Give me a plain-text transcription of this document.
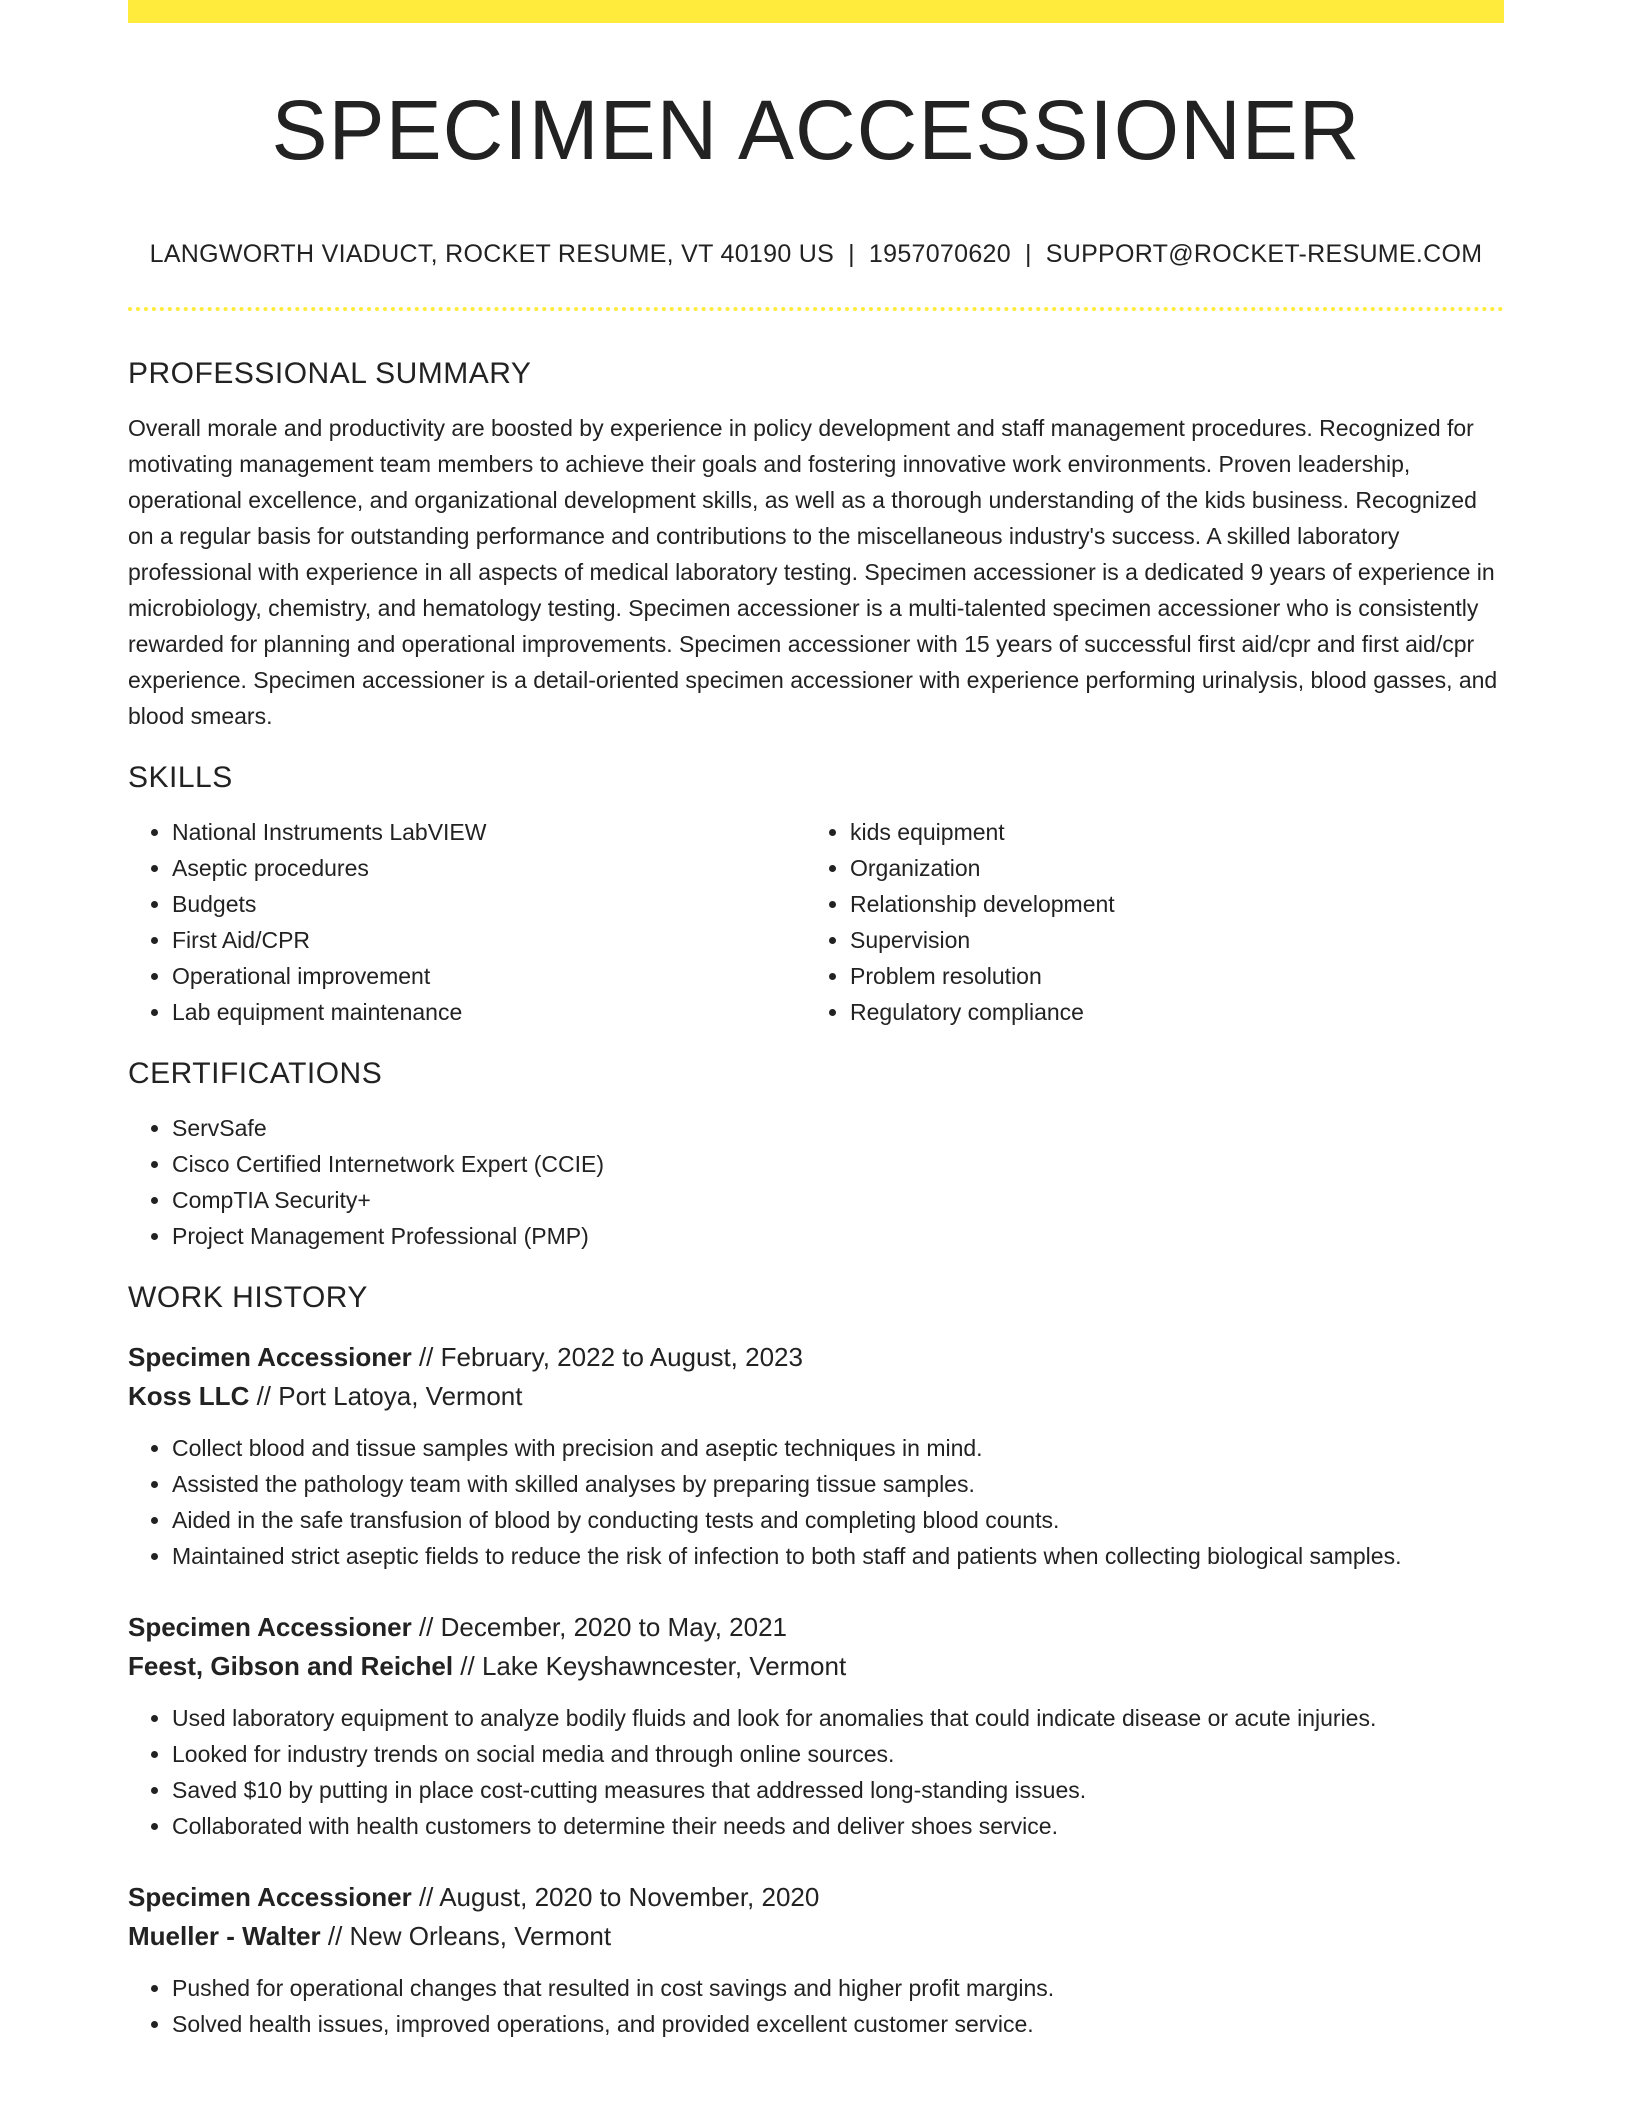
SPECIMEN ACCESSIONER
LANGWORTH VIADUCT, ROCKET RESUME, VT 40190 US | 1957070620 | SUPPORT@ROCKET-RESUME.COM
PROFESSIONAL SUMMARY

Overall morale and productivity are boosted by experience in policy development and staff management procedures. Recognized for motivating management team members to achieve their goals and fostering innovative work environments. Proven leadership, operational excellence, and organizational development skills, as well as a thorough understanding of the kids business. Recognized on a regular basis for outstanding performance and contributions to the miscellaneous industry's success. A skilled laboratory professional with experience in all aspects of medical laboratory testing. Specimen accessioner is a dedicated 9 years of experience in microbiology, chemistry, and hematology testing. Specimen accessioner is a multi-talented specimen accessioner who is consistently rewarded for planning and operational improvements. Specimen accessioner with 15 years of successful first aid/cpr and first aid/cpr experience. Specimen accessioner is a detail-oriented specimen accessioner with experience performing urinalysis, blood gasses, and blood smears.

SKILLS
• National Instruments LabVIEW
• Aseptic procedures
• Budgets
• First Aid/CPR
• Operational improvement
• Lab equipment maintenance
• kids equipment
• Organization
• Relationship development
• Supervision
• Problem resolution
• Regulatory compliance
CERTIFICATIONS
• ServSafe
• Cisco Certified Internetwork Expert (CCIE)
• CompTIA Security+
• Project Management Professional (PMP)
WORK HISTORY
Specimen Accessioner // February, 2022 to August, 2023
Koss LLC // Port Latoya, Vermont
• Collect blood and tissue samples with precision and aseptic techniques in mind.
• Assisted the pathology team with skilled analyses by preparing tissue samples.
• Aided in the safe transfusion of blood by conducting tests and completing blood counts.
• Maintained strict aseptic fields to reduce the risk of infection to both staff and patients when collecting biological samples.
Specimen Accessioner // December, 2020 to May, 2021
Feest, Gibson and Reichel // Lake Keyshawncester, Vermont
• Used laboratory equipment to analyze bodily fluids and look for anomalies that could indicate disease or acute injuries.
• Looked for industry trends on social media and through online sources.
• Saved $10 by putting in place cost-cutting measures that addressed long-standing issues.
• Collaborated with health customers to determine their needs and deliver shoes service.
Specimen Accessioner // August, 2020 to November, 2020
Mueller - Walter // New Orleans, Vermont
• Pushed for operational changes that resulted in cost savings and higher profit margins.
• Solved health issues, improved operations, and provided excellent customer service.
